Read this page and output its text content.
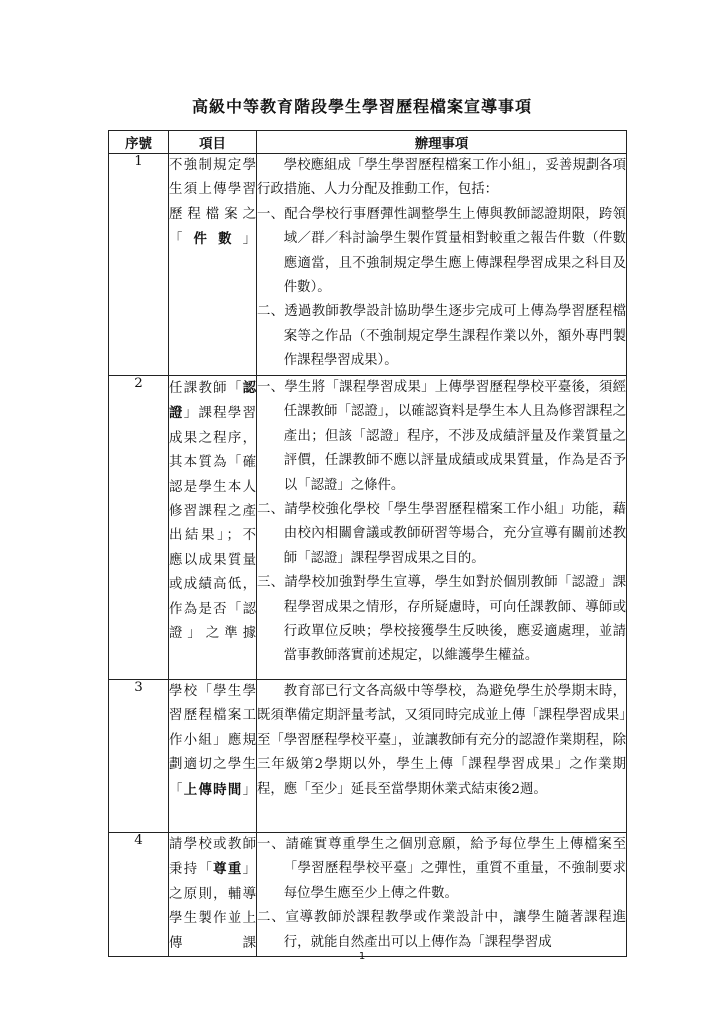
高級中等教育階段學生學習歷程檔案宣導事項
序號	項目	辦理事項
1	不強制規定學生須上傳學習歷程檔案之「件數」	學校應組成「學生學習歷程檔案工作小組」，妥善規劃各項行政措施、人力分配及推動工作，包括：
一、配合學校行事曆彈性調整學生上傳與教師認證期限，跨領域／群／科討論學生製作質量相對較重之報告件數（件數應適當，且不強制規定學生應上傳課程學習成果之科目及件數）。
二、透過教師教學設計協助學生逐步完成可上傳為學習歷程檔案等之作品（不強制規定學生課程作業以外，額外專門製作課程學習成果）。

2	任課教師「認證」課程學習成果之程序，其本質為「確認是學生本人修習課程之產出結果」；不應以成果質量或成績高低，作為是否「認證」之準據	一、學生將「課程學習成果」上傳學習歷程學校平臺後，須經任課教師「認證」，以確認資料是學生本人且為修習課程之產出；但該「認證」程序，不涉及成績評量及作業質量之評價，任課教師不應以評量成績或成果質量，作為是否予以「認證」之條件。
二、請學校強化學校「學生學習歷程檔案工作小組」功能，藉由校內相關會議或教師研習等場合，充分宣導有關前述教師「認證」課程學習成果之目的。
三、請學校加強對學生宣導，學生如對於個別教師「認證」課程學習成果之情形，存所疑慮時，可向任課教師、導師或行政單位反映；學校接獲學生反映後，應妥適處理，並請當事教師落實前述規定，以維護學生權益。

3	學校「學生學習歷程檔案工作小組」應規劃適切之學生「上傳時間」	教育部已行文各高級中等學校，為避免學生於學期末時，既須準備定期評量考試，又須同時完成並上傳「課程學習成果」至「學習歷程學校平臺」，並讓教師有充分的認證作業期程，除三年級第2學期以外，學生上傳「課程學習成果」之作業期程，應「至少」延長至當學期休業式結束後2週。

4	請學校或教師秉持「尊重」之原則，輔導學生製作並上傳課	一、請確實尊重學生之個別意願，給予每位學生上傳檔案至「學習歷程學校平臺」之彈性，重質不重量，不強制要求每位學生應至少上傳之件數。
二、宣導教師於課程教學或作業設計中，讓學生隨著課程進行，就能自然產出可以上傳作為「課程學習成
1
